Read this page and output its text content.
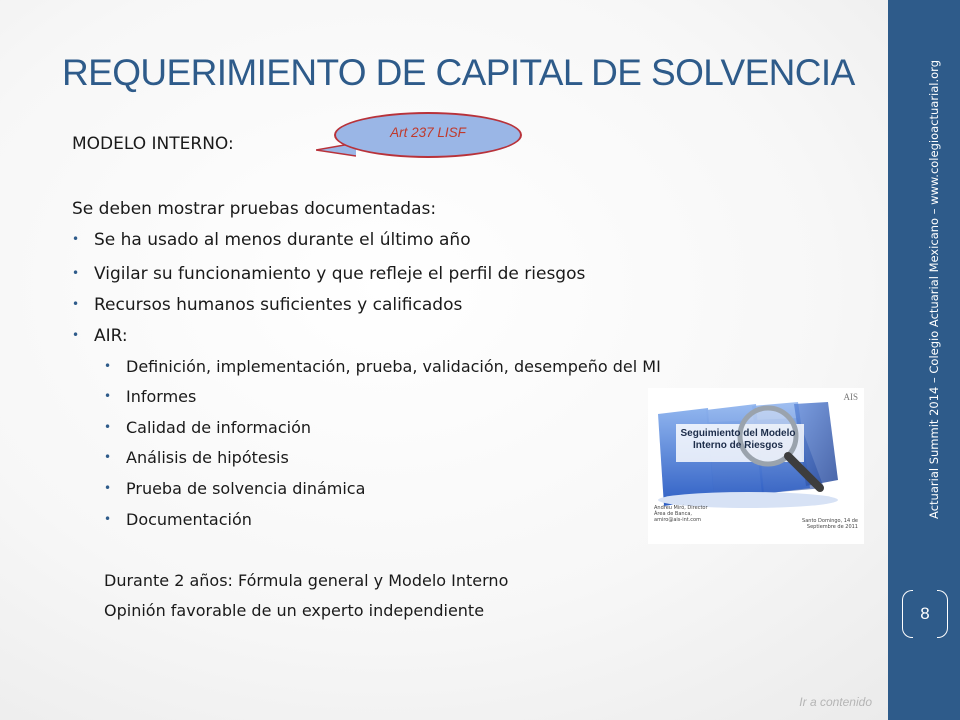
Actuarial Summit 2014 – Colegio Actuarial Mexicano – www.colegioactuarial.org
8
REQUERIMIENTO DE CAPITAL DE SOLVENCIA
Art 237 LISF
MODELO INTERNO:
Se deben mostrar pruebas documentadas:
• Se ha usado al menos durante el último año
• Vigilar su funcionamiento y que refleje el perfil de riesgos
• Recursos humanos suficientes y calificados
• AIR:
• Definición, implementación, prueba, validación, desempeño del MI
• Informes
• Calidad de información
• Análisis de hipótesis
• Prueba de solvencia dinámica
• Documentación
Durante 2 años: Fórmula general y Modelo Interno
Opinión favorable de un experto independiente
AIS
Seguimiento del Modelo Interno de Riesgos
Andreu Miró, Director Área de Banca, amiro@ais-int.com	Santo Domingo, 14 de Septiembre de 2011
Ir a contenido
